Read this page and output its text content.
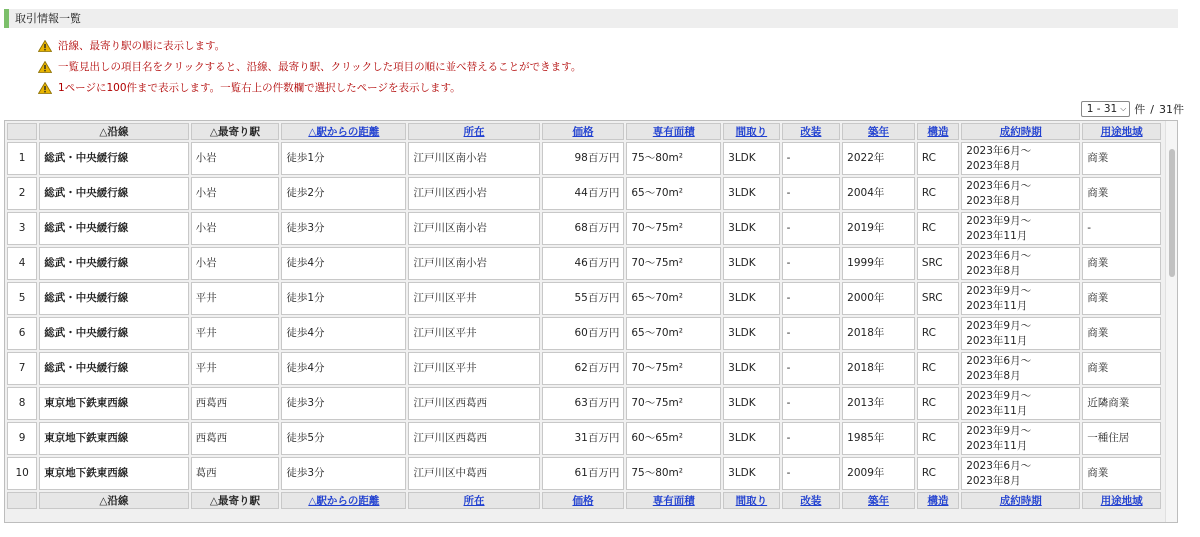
取引情報一覧
沿線、最寄り駅の順に表示します。
一覧見出しの項目名をクリックすると、沿線、最寄り駅、クリックした項目の順に並べ替えることができます。
1ページに100件まで表示します。一覧右上の件数欄で選択したページを表示します。
1 - 31 ⌵ 件 / 31件
	△沿線	△最寄り駅	△駅からの距離	所在	価格	専有面積	間取り	改装	築年	構造	成約時期	用途地域
1	総武・中央緩行線	小岩	徒歩1分	江戸川区南小岩	98百万円	75～80m²	3LDK	-	2022年	RC	2023年6月～
2023年8月	商業
2	総武・中央緩行線	小岩	徒歩2分	江戸川区西小岩	44百万円	65～70m²	3LDK	-	2004年	RC	2023年6月～
2023年8月	商業
3	総武・中央緩行線	小岩	徒歩3分	江戸川区南小岩	68百万円	70～75m²	3LDK	-	2019年	RC	2023年9月～
2023年11月	-
4	総武・中央緩行線	小岩	徒歩4分	江戸川区南小岩	46百万円	70～75m²	3LDK	-	1999年	SRC	2023年6月～
2023年8月	商業
5	総武・中央緩行線	平井	徒歩1分	江戸川区平井	55百万円	65～70m²	3LDK	-	2000年	SRC	2023年9月～
2023年11月	商業
6	総武・中央緩行線	平井	徒歩4分	江戸川区平井	60百万円	65～70m²	3LDK	-	2018年	RC	2023年9月～
2023年11月	商業
7	総武・中央緩行線	平井	徒歩4分	江戸川区平井	62百万円	70～75m²	3LDK	-	2018年	RC	2023年6月～
2023年8月	商業
8	東京地下鉄東西線	西葛西	徒歩3分	江戸川区西葛西	63百万円	70～75m²	3LDK	-	2013年	RC	2023年9月～
2023年11月	近隣商業
9	東京地下鉄東西線	西葛西	徒歩5分	江戸川区西葛西	31百万円	60～65m²	3LDK	-	1985年	RC	2023年9月～
2023年11月	一種住居
10	東京地下鉄東西線	葛西	徒歩3分	江戸川区中葛西	61百万円	75～80m²	3LDK	-	2009年	RC	2023年6月～
2023年8月	商業
	△沿線	△最寄り駅	△駅からの距離	所在	価格	専有面積	間取り	改装	築年	構造	成約時期	用途地域
